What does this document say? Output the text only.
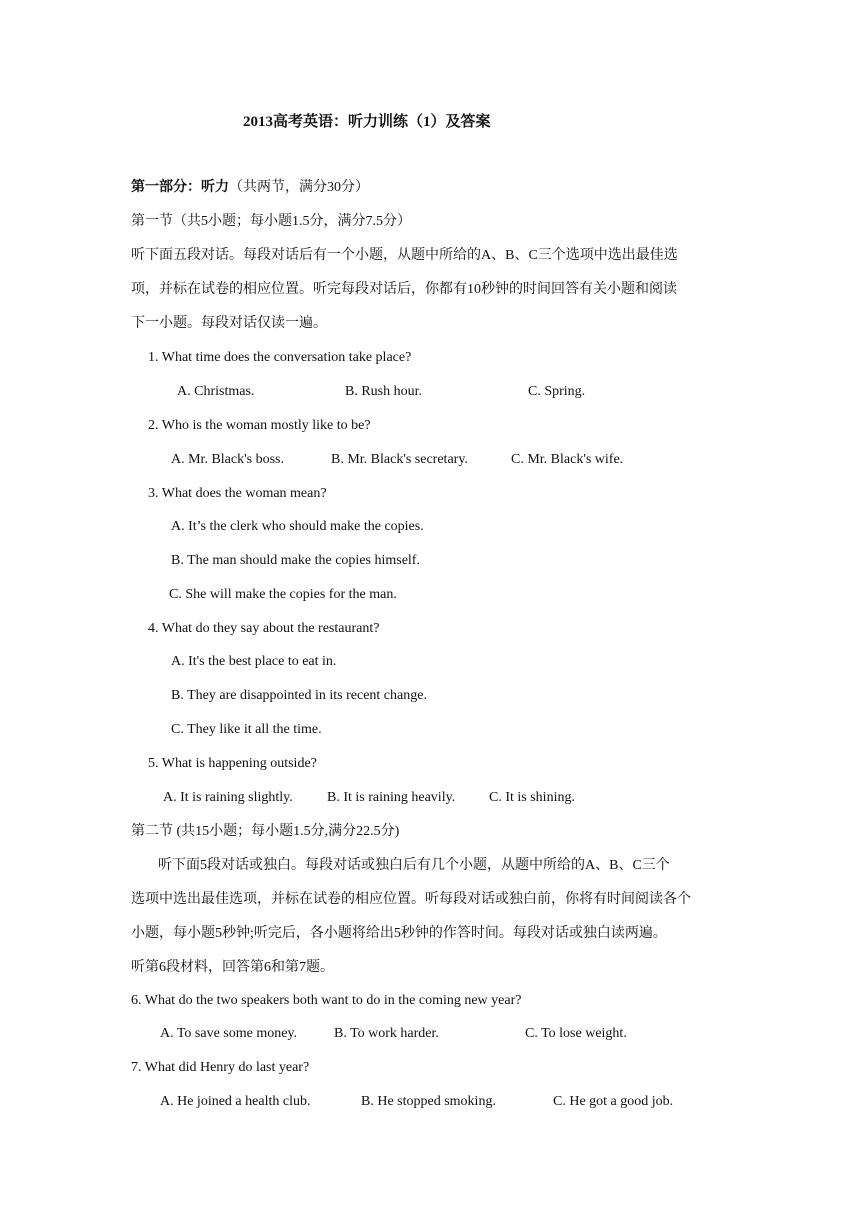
2013高考英语：听力训练（1）及答案
第一部分：听力（共两节，满分30分）
第一节（共5小题；每小题1.5分，满分7.5分）
听下面五段对话。每段对话后有一个小题，从题中所给的A、B、C三个选项中选出最佳选
项，并标在试卷的相应位置。听完每段对话后，你都有10秒钟的时间回答有关小题和阅读
下一小题。每段对话仅读一遍。
1. What time does the conversation take place?
A. Christmas.	B. Rush hour.	C. Spring.
2. Who is the woman mostly like to be?
A. Mr. Black's boss.	B. Mr. Black's secretary.	C. Mr. Black's wife.
3. What does the woman mean?
A. It’s the clerk who should make the copies.
B. The man should make the copies himself.
C. She will make the copies for the man.
4. What do they say about the restaurant?
A. It's the best place to eat in.
B. They are disappointed in its recent change.
C. They like it all the time.
5. What is happening outside?
A. It is raining slightly. B. It is raining heavily. C. It is shining.
第二节 (共15小题；每小题1.5分,满分22.5分)
听下面5段对话或独白。每段对话或独白后有几个小题，从题中所给的A、B、C三个
选项中选出最佳选项，并标在试卷的相应位置。听每段对话或独白前，你将有时间阅读各个
小题，每小题5秒钟;听完后，各小题将给出5秒钟的作答时间。每段对话或独白读两遍。
听第6段材料，回答第6和第7题。
6. What do the two speakers both want to do in the coming new year?
A. To save some money.	B. To work harder.	C. To lose weight.
7. What did Henry do last year?
A. He joined a health club.	B. He stopped smoking.	C. He got a good job.
